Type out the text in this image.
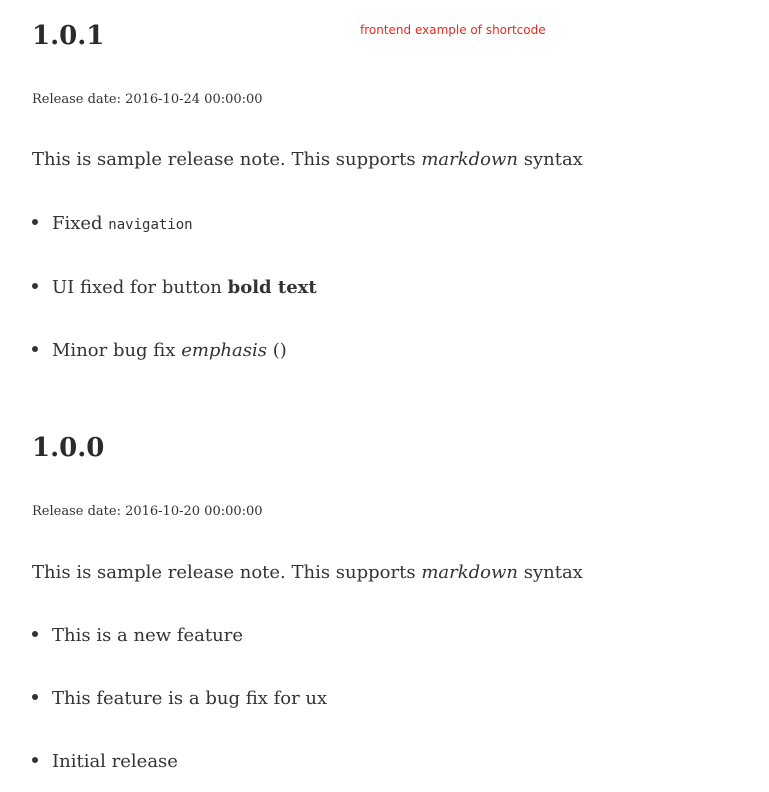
frontend example of shortcode
1.0.1

Release date: 2016-10-24 00:00:00

This is sample release note. This supports markdown syntax

Fixed navigation
UI fixed for button bold text
Minor bug fix emphasis ()
1.0.0

Release date: 2016-10-20 00:00:00

This is sample release note. This supports markdown syntax

This is a new feature
This feature is a bug fix for ux
Initial release
